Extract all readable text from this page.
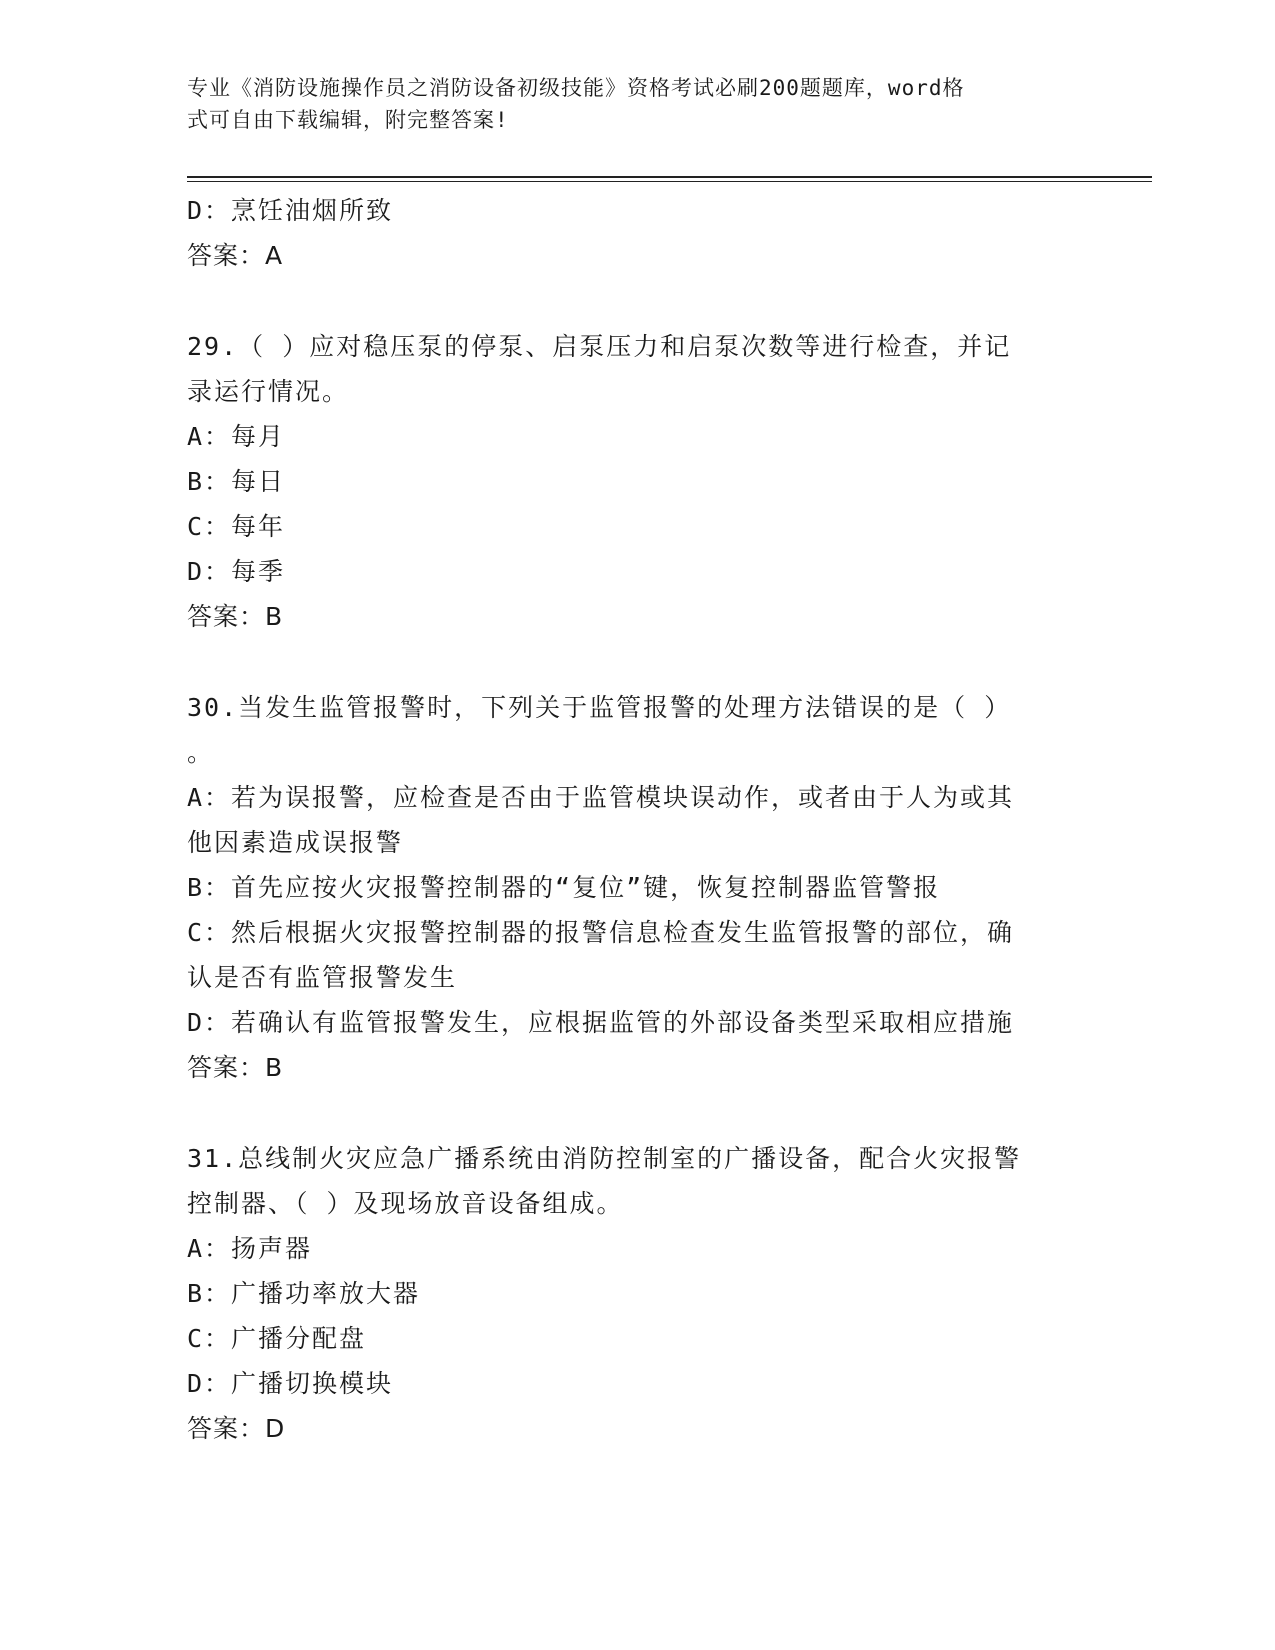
专业《消防设施操作员之消防设备初级技能》资格考试必刷200题题库，word格
式可自由下载编辑，附完整答案!
D：烹饪油烟所致
答案：A
29.（ ）应对稳压泵的停泵、启泵压力和启泵次数等进行检查，并记
录运行情况。
A：每月
B：每日
C：每年
D：每季
答案：B
30.当发生监管报警时，下列关于监管报警的处理方法错误的是（ ）
。
A：若为误报警，应检查是否由于监管模块误动作，或者由于人为或其
他因素造成误报警
B：首先应按火灾报警控制器的“复位”键，恢复控制器监管警报
C：然后根据火灾报警控制器的报警信息检查发生监管报警的部位，确
认是否有监管报警发生
D：若确认有监管报警发生，应根据监管的外部设备类型采取相应措施
答案：B
31.总线制火灾应急广播系统由消防控制室的广播设备，配合火灾报警
控制器、（ ）及现场放音设备组成。
A：扬声器
B：广播功率放大器
C：广播分配盘
D：广播切换模块
答案：D
